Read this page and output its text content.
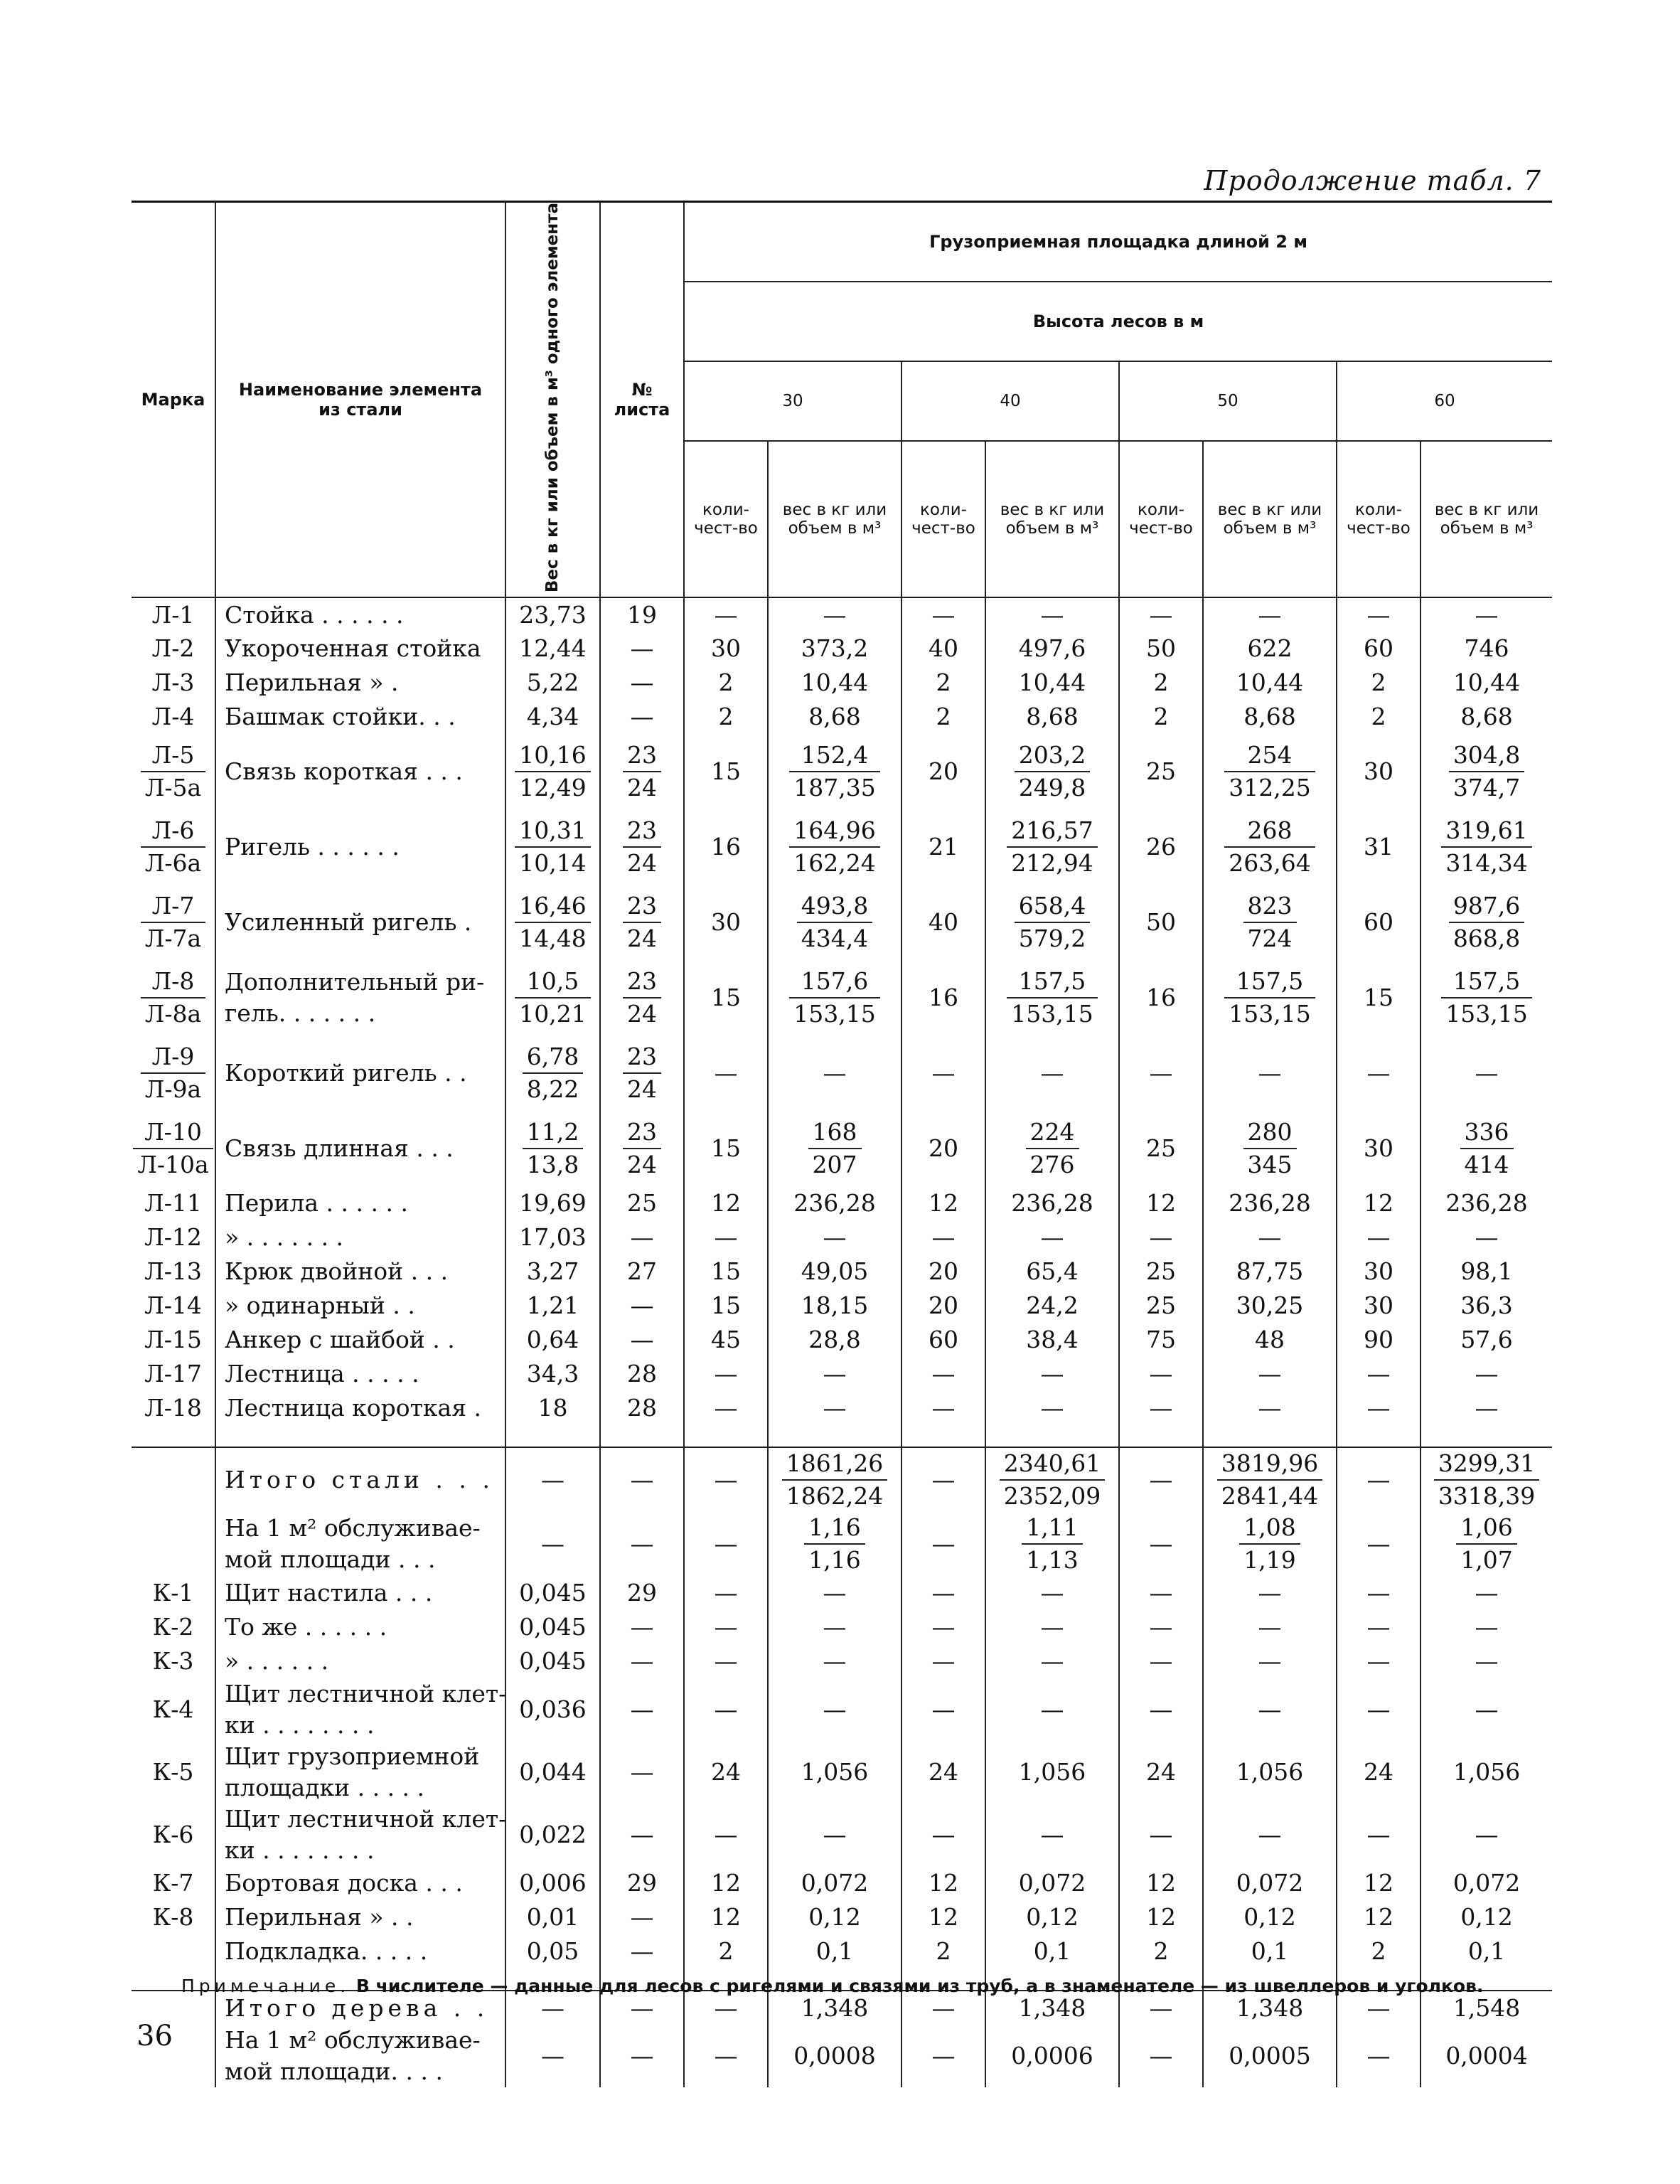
Продолжение табл. 7
Марка	Наименование элемента из стали	Вес в кг или объем в м³ одного элемента	№ листа	Грузоприемная площадка длиной 2 м							
				Высота лесов в м							
				30		40		50		60	
				коли-чест-во	вес в кг или объем в м³	коли-чест-во	вес в кг или объем в м³	коли-чест-во	вес в кг или объем в м³	коли-чест-во	вес в кг или объем в м³
Л-1	Стойка . . . . . .	23,73	19	—	—	—	—	—	—	—	—
Л-2	Укороченная стойка	12,44	—	30	373,2	40	497,6	50	622	60	746
Л-3	Перильная » .	5,22	—	2	10,44	2	10,44	2	10,44	2	10,44
Л-4	Башмак стойки. . .	4,34	—	2	8,68	2	8,68	2	8,68	2	8,68

$\frac{Л-5}{Л-5а}$	Связь короткая . . .	$\frac{10,16}{12,49}$	$\frac{23}{24}$	15	$\frac{152,4}{187,35}$	20	$\frac{203,2}{249,8}$	25	$\frac{254}{312,25}$	30	$\frac{304,8}{374,7}$

$\frac{Л-6}{Л-6а}$	Ригель . . . . . .	$\frac{10,31}{10,14}$	$\frac{23}{24}$	16	$\frac{164,96}{162,24}$	21	$\frac{216,57}{212,94}$	26	$\frac{268}{263,64}$	31	$\frac{319,61}{314,34}$

$\frac{Л-7}{Л-7а}$	Усиленный ригель .	$\frac{16,46}{14,48}$	$\frac{23}{24}$	30	$\frac{493,8}{434,4}$	40	$\frac{658,4}{579,2}$	50	$\frac{823}{724}$	60	$\frac{987,6}{868,8}$

$\frac{Л-8}{Л-8а}$	Дополнительный ри-
гель. . . . . . .	$\frac{10,5}{10,21}$	$\frac{23}{24}$	15	$\frac{157,6}{153,15}$	16	$\frac{157,5}{153,15}$	16	$\frac{157,5}{153,15}$	15	$\frac{157,5}{153,15}$

$\frac{Л-9}{Л-9а}$	Короткий ригель . .	$\frac{6,78}{8,22}$	$\frac{23}{24}$	—	—	—	—	—	—	—	—

$\frac{Л-10}{Л-10а}$	Связь длинная . . .	$\frac{11,2}{13,8}$	$\frac{23}{24}$	15	$\frac{168}{207}$	20	$\frac{224}{276}$	25	$\frac{280}{345}$	30	$\frac{336}{414}$

Л-11	Перила . . . . . .	19,69	25	12	236,28	12	236,28	12	236,28	12	236,28
Л-12	» . . . . . . .	17,03	—	—	—	—	—	—	—	—	—
Л-13	Крюк двойной . . .	3,27	27	15	49,05	20	65,4	25	87,75	30	98,1
Л-14	» одинарный . .	1,21	—	15	18,15	20	24,2	25	30,25	30	36,3
Л-15	Анкер с шайбой . .	0,64	—	45	28,8	60	38,4	75	48	90	57,6
Л-17	Лестница . . . . .	34,3	28	—	—	—	—	—	—	—	—
Л-18	Лестница короткая .	18	28	—	—	—	—	—	—	—	—

	Итого стали . . .	—	—	—	$\frac{1861,26}{1862,24}$	—	$\frac{2340,61}{2352,09}$	—	$\frac{3819,96}{2841,44}$	—	$\frac{3299,31}{3318,39}$

	На 1 м² обслуживае-
мой площади . . .	—	—	—	$\frac{1,16}{1,16}$	—	$\frac{1,11}{1,13}$	—	$\frac{1,08}{1,19}$	—	$\frac{1,06}{1,07}$

К-1	Щит настила . . .	0,045	29	—	—	—	—	—	—	—	—
К-2	То же . . . . . .	0,045	—	—	—	—	—	—	—	—	—
К-3	» . . . . . .	0,045	—	—	—	—	—	—	—	—	—
К-4	Щит лестничной клет-
ки . . . . . . . .	0,036	—	—	—	—	—	—	—	—	—
К-5	Щит грузоприемной
площадки . . . . .	0,044	—	24	1,056	24	1,056	24	1,056	24	1,056
К-6	Щит лестничной клет-
ки . . . . . . . .	0,022	—	—	—	—	—	—	—	—	—
К-7	Бортовая доска . . .	0,006	29	12	0,072	12	0,072	12	0,072	12	0,072
К-8	Перильная » . .	0,01	—	12	0,12	12	0,12	12	0,12	12	0,12
	Подкладка. . . . .	0,05	—	2	0,1	2	0,1	2	0,1	2	0,1

	Итого дерева . .	—	—	—	1,348	—	1,348	—	1,348	—	1,548
	На 1 м² обслуживае-
мой площади. . . .	—	—	—	0,0008	—	0,0006	—	0,0005	—	0,0004
Примечание. В числителе — данные для лесов с ригелями и связями из труб, а в знаменателе — из швеллеров и уголков.
36
